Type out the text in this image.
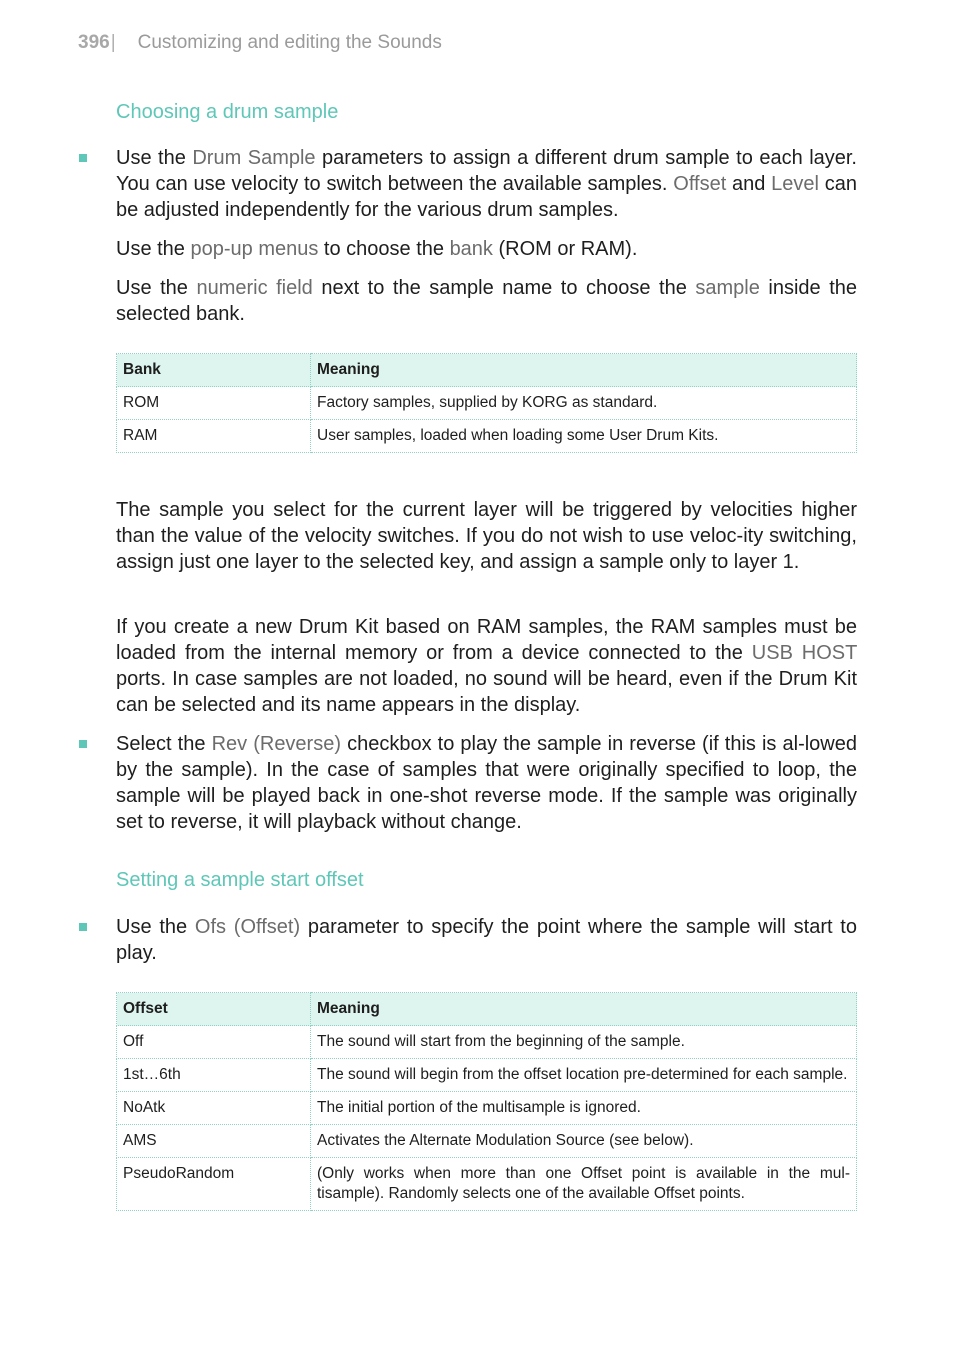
396| Customizing and editing the Sounds
Choosing a drum sample

Use the Drum Sample parameters to assign a different drum sample to each layer. You can use velocity to switch between the available samples. Offset and Level can be adjusted independently for the various drum samples.

Use the pop-up menus to choose the bank (ROM or RAM).

Use the numeric field next to the sample name to choose the sample inside the selected bank.

Bank	Meaning
ROM	Factory samples, supplied by KORG as standard.
RAM	User samples, loaded when loading some User Drum Kits.

The sample you select for the current layer will be triggered by velocities higher than the value of the velocity switches. If you do not wish to use veloc-ity switching, assign just one layer to the selected key, and assign a sample only to layer 1.

If you create a new Drum Kit based on RAM samples, the RAM samples must be loaded from the internal memory or from a device connected to the USB HOST ports. In case samples are not loaded, no sound will be heard, even if the Drum Kit can be selected and its name appears in the display.

Select the Rev (Reverse) checkbox to play the sample in reverse (if this is al-lowed by the sample). In the case of samples that were originally specified to loop, the sample will be played back in one-shot reverse mode. If the sample was originally set to reverse, it will playback without change.

Setting a sample start offset

Use the Ofs (Offset) parameter to specify the point where the sample will start to play.

Offset	Meaning
Off	The sound will start from the beginning of the sample.
1st…6th	The sound will begin from the offset location pre-determined for each sample.
NoAtk	The initial portion of the multisample is ignored.
AMS	Activates the Alternate Modulation Source (see below).
PseudoRandom	(Only works when more than one Offset point is available in the mul-tisample). Randomly selects one of the available Offset points.
